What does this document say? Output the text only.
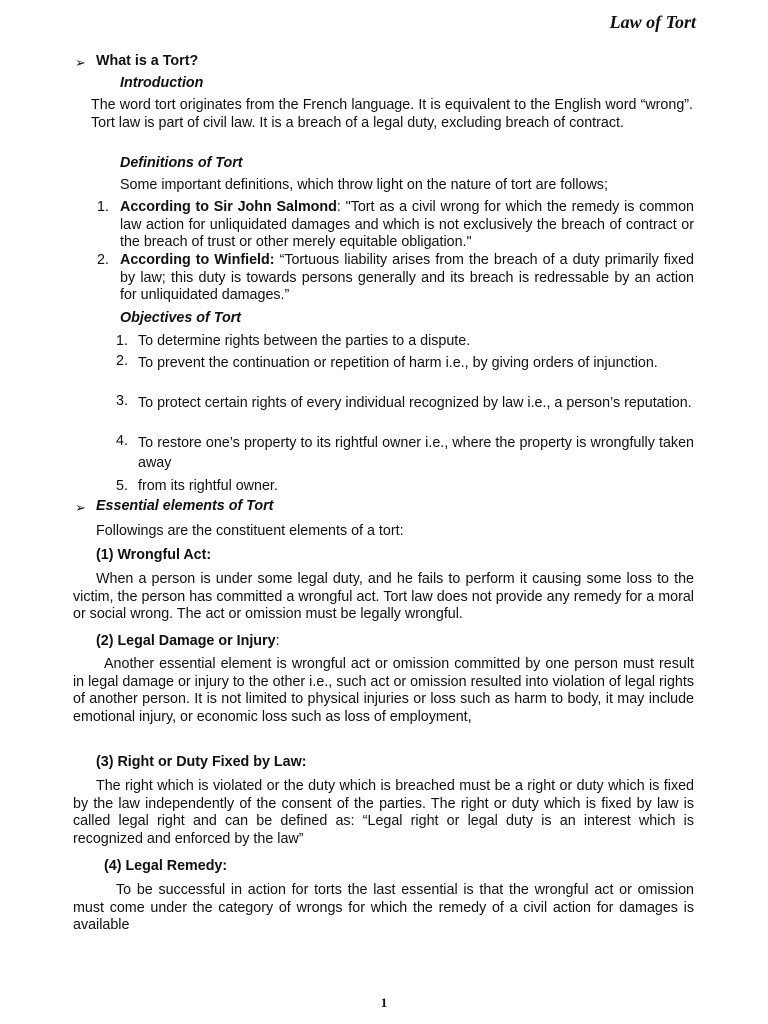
Law of Tort
➢ What is a Tort?
Introduction
The word tort originates from the French language. It is equivalent to the English word “wrong”. Tort law is part of civil law. It is a breach of a legal duty, excluding breach of contract.
Definitions of Tort
Some important definitions, which throw light on the nature of tort are follows;
1. According to Sir John Salmond: "Tort as a civil wrong for which the remedy is common law action for unliquidated damages and which is not exclusively the breach of contract or the breach of trust or other merely equitable obligation."
2. According to Winfield: “Tortuous liability arises from the breach of a duty primarily fixed by law; this duty is towards persons generally and its breach is redressable by an action for unliquidated damages.”
Objectives of Tort
1. To determine rights between the parties to a dispute.
2. To prevent the continuation or repetition of harm i.e., by giving orders of injunction.
3. To protect certain rights of every individual recognized by law i.e., a person’s reputation.
4. To restore one’s property to its rightful owner i.e., where the property is wrongfully taken away
5. from its rightful owner.
➢ Essential elements of Tort
Followings are the constituent elements of a tort:
(1) Wrongful Act:
When a person is under some legal duty, and he fails to perform it causing some loss to the victim, the person has committed a wrongful act. Tort law does not provide any remedy for a moral or social wrong. The act or omission must be legally wrongful.
(2) Legal Damage or Injury:
Another essential element is wrongful act or omission committed by one person must result in legal damage or injury to the other i.e., such act or omission resulted into violation of legal rights of another person. It is not limited to physical injuries or loss such as harm to body, it may include emotional injury, or economic loss such as loss of employment,
(3) Right or Duty Fixed by Law:
The right which is violated or the duty which is breached must be a right or duty which is fixed by the law independently of the consent of the parties. The right or duty which is fixed by law is called legal right and can be defined as: “Legal right or legal duty is an interest which is recognized and enforced by the law”
(4) Legal Remedy:
To be successful in action for torts the last essential is that the wrongful act or omission must come under the category of wrongs for which the remedy of a civil action for damages is available
1
